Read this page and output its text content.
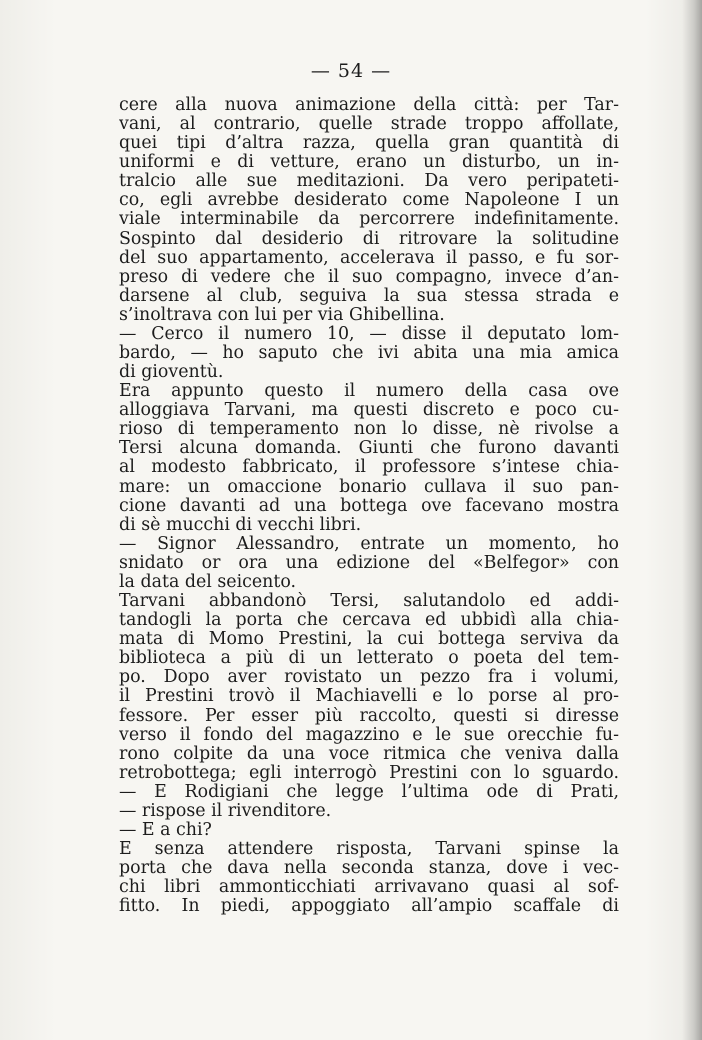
— 54 —
cere alla nuova animazione della città: per Tar-
vani, al contrario, quelle strade troppo affollate,
quei tipi d’altra razza, quella gran quantità di
uniformi e di vetture, erano un disturbo, un in-
tralcio alle sue meditazioni. Da vero peripateti-
co, egli avrebbe desiderato come Napoleone I un
viale interminabile da percorrere indefinitamente.
Sospinto dal desiderio di ritrovare la solitudine
del suo appartamento, accelerava il passo, e fu sor-
preso di vedere che il suo compagno, invece d’an-
darsene al club, seguiva la sua stessa strada e
s’inoltrava con lui per via Ghibellina.
— Cerco il numero 10, — disse il deputato lom-
bardo, — ho saputo che ivi abita una mia amica
di gioventù.
Era appunto questo il numero della casa ove
alloggiava Tarvani, ma questi discreto e poco cu-
rioso di temperamento non lo disse, nè rivolse a
Tersi alcuna domanda. Giunti che furono davanti
al modesto fabbricato, il professore s’intese chia-
mare: un omaccione bonario cullava il suo pan-
cione davanti ad una bottega ove facevano mostra
di sè mucchi di vecchi libri.
— Signor Alessandro, entrate un momento, ho
snidato or ora una edizione del «Belfegor» con
la data del seicento.
Tarvani abbandonò Tersi, salutandolo ed addi-
tandogli la porta che cercava ed ubbidì alla chia-
mata di Momo Prestini, la cui bottega serviva da
biblioteca a più di un letterato o poeta del tem-
po. Dopo aver rovistato un pezzo fra i volumi,
il Prestini trovò il Machiavelli e lo porse al pro-
fessore. Per esser più raccolto, questi si diresse
verso il fondo del magazzino e le sue orecchie fu-
rono colpite da una voce ritmica che veniva dalla
retrobottega; egli interrogò Prestini con lo sguardo.
— È Rodigiani che legge l’ultima ode di Prati,
— rispose il rivenditore.
— È a chi?
E senza attendere risposta, Tarvani spinse la
porta che dava nella seconda stanza, dove i vec-
chi libri ammonticchiati arrivavano quasi al sof-
fitto. In piedi, appoggiato all’ampio scaffale di
